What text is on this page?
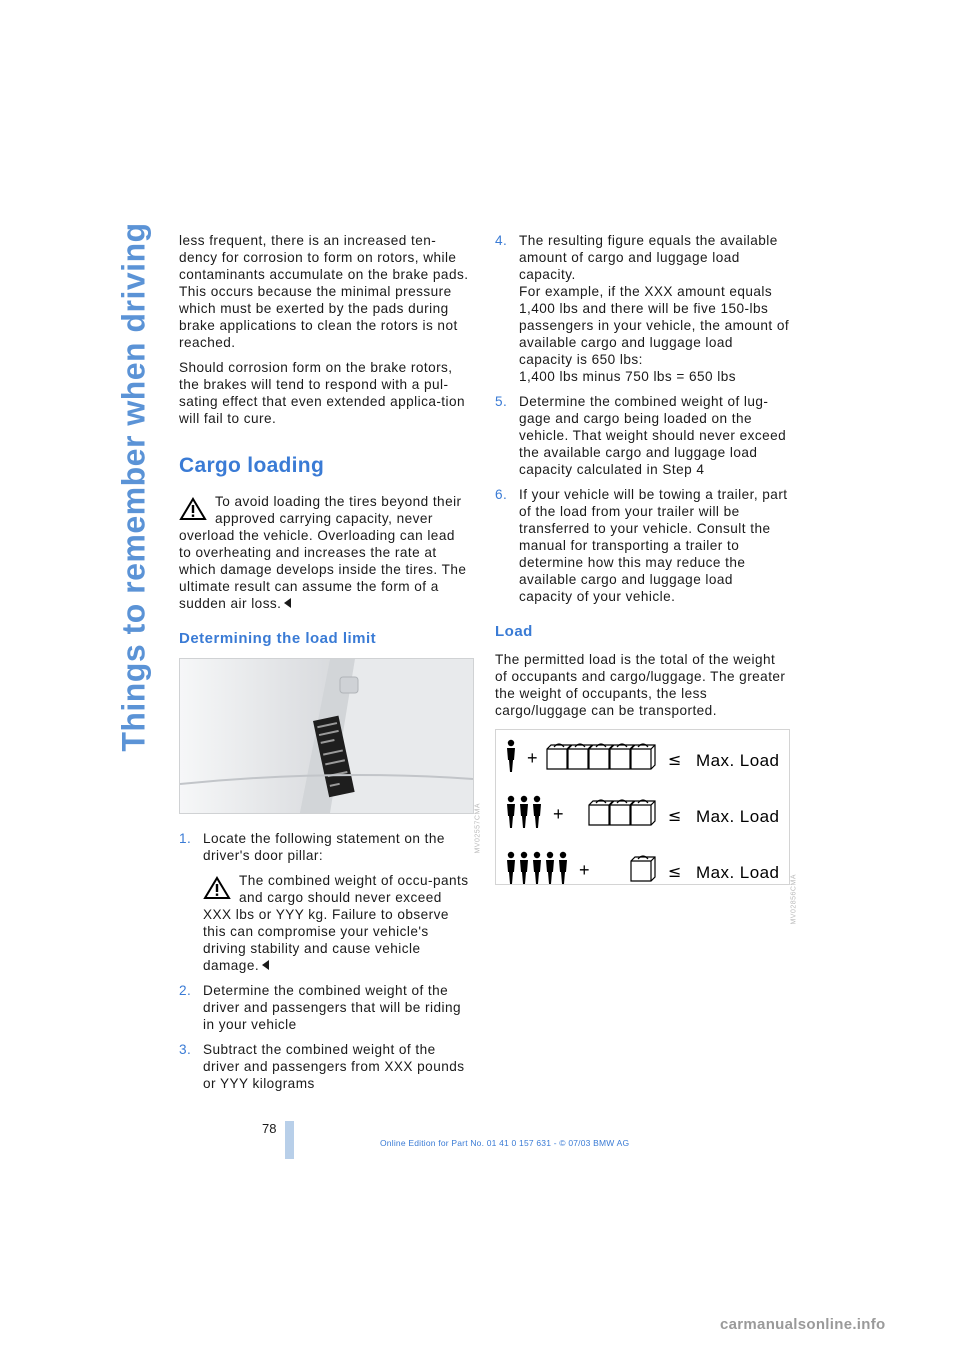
Things to remember when driving less frequent, there is an increased ten-dency for corrosion to form on rotors, while contaminants accumulate on the brake pads. This occurs because the minimal pressure which must be exerted by the pads during brake applications to clean the rotors is not reached.

Should corrosion form on the brake rotors, the brakes will tend to respond with a pul-sating effect that even extended applica-tion will fail to cure.

Cargo loading

To avoid loading the tires beyond their approved carrying capacity, never overload the vehicle. Overloading can lead to overheating and increases the rate at which damage develops inside the tires. The ultimate result can assume the form of a sudden air loss.

Determining the load limit
MV02557CMA
1. Locate the following statement on the driver's door pillar:

The combined weight of occu-pants and cargo should never exceed XXX lbs or YYY kg. Failure to observe this can compromise your vehicle's driving stability and cause vehicle damage.

2. Determine the combined weight of the driver and passengers that will be riding in your vehicle
3. Subtract the combined weight of the driver and passengers from XXX pounds or YYY kilograms
4. The resulting figure equals the available amount of cargo and luggage load capacity.
For example, if the XXX amount equals 1,400 lbs and there will be five 150-lbs passengers in your vehicle, the amount of available cargo and luggage load capacity is 650 lbs:
1,400 lbs minus 750 lbs = 650 lbs
5. Determine the combined weight of lug-gage and cargo being loaded on the vehicle. That weight should never exceed the available cargo and luggage load capacity calculated in Step 4
6. If your vehicle will be towing a trailer, part of the load from your trailer will be transferred to your vehicle. Consult the manual for transporting a trailer to determine how this may reduce the available cargo and luggage load capacity of your vehicle.
Load

The permitted load is the total of the weight of occupants and cargo/luggage. The greater the weight of occupants, the less cargo/luggage can be transported.

+	≤ Max. Load
+	≤ Max. Load
+	≤ Max. Load
MV02856CMA
78
Online Edition for Part No. 01 41 0 157 631 - © 07/03 BMW AG
carmanualsonline.info
